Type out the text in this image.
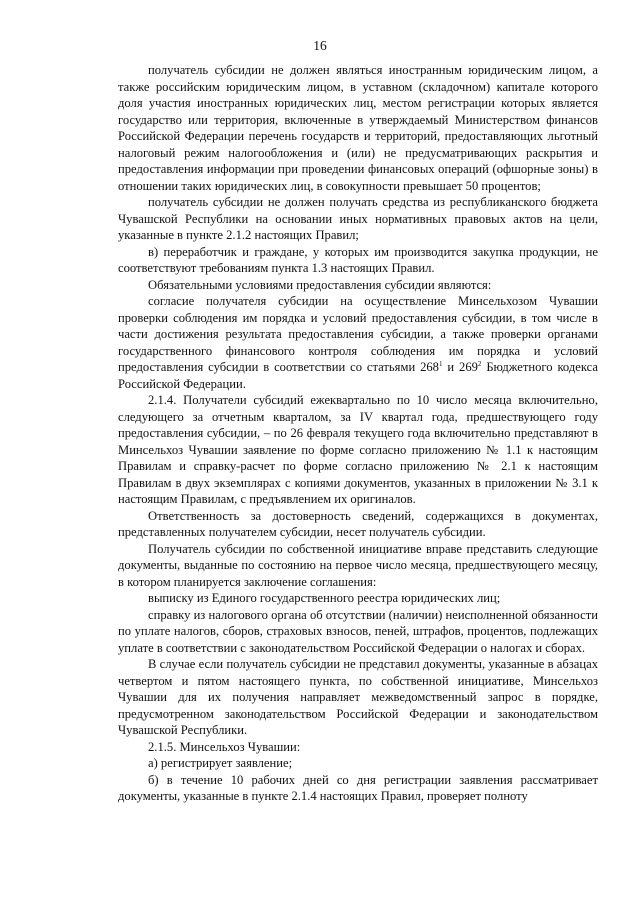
16

получатель субсидии не должен являться иностранным юридическим лицом, а также российским юридическим лицом, в уставном (складочном) капитале которого доля участия иностранных юридических лиц, местом регистрации которых является государство или территория, включенные в утверждаемый Министерством финансов Российской Федерации перечень государств и территорий, предоставляющих льготный налоговый режим налогообложения и (или) не предусматривающих раскрытия и предоставления информации при проведении финансовых операций (офшорные зоны) в отношении таких юридических лиц, в совокупности превышает 50 процентов;

получатель субсидии не должен получать средства из республиканского бюджета Чувашской Республики на основании иных нормативных правовых актов на цели, указанные в пункте 2.1.2 настоящих Правил;

в) переработчик и граждане, у которых им производится закупка продукции, не соответствуют требованиям пункта 1.3 настоящих Правил.

Обязательными условиями предоставления субсидии являются:

согласие получателя субсидии на осуществление Минсельхозом Чувашии проверки соблюдения им порядка и условий предоставления субсидии, в том числе в части достижения результата предоставления субсидии, а также проверки органами государственного финансового контроля соблюдения им порядка и условий предоставления субсидии в соответствии со статьями $268^1$ и $269^2$ Бюджетного кодекса Российской Федерации.

2.1.4. Получатели субсидий ежеквартально по 10 число месяца включительно, следующего за отчетным кварталом, за IV квартал года, предшествующего году предоставления субсидии, – по 26 февраля текущего года включительно представляют в Минсельхоз Чувашии заявление по форме согласно приложению № 1.1 к настоящим Правилам и справку-расчет по форме согласно приложению № 2.1 к настоящим Правилам в двух экземплярах с копиями документов, указанных в приложении № 3.1 к настоящим Правилам, с предъявлением их оригиналов.

Ответственность за достоверность сведений, содержащихся в документах, представленных получателем субсидии, несет получатель субсидии.

Получатель субсидии по собственной инициативе вправе представить следующие документы, выданные по состоянию на первое число месяца, предшествующего месяцу, в котором планируется заключение соглашения:

выписку из Единого государственного реестра юридических лиц;

справку из налогового органа об отсутствии (наличии) неисполненной обязанности по уплате налогов, сборов, страховых взносов, пеней, штрафов, процентов, подлежащих уплате в соответствии с законодательством Российской Федерации о налогах и сборах.

В случае если получатель субсидии не представил документы, указанные в абзацах четвертом и пятом настоящего пункта, по собственной инициативе, Минсельхоз Чувашии для их получения направляет межведомственный запрос в порядке, предусмотренном законодательством Российской Федерации и законодательством Чувашской Республики.

2.1.5. Минсельхоз Чувашии:

а) регистрирует заявление;

б) в течение 10 рабочих дней со дня регистрации заявления рассматривает документы, указанные в пункте 2.1.4 настоящих Правил, проверяет полноту
